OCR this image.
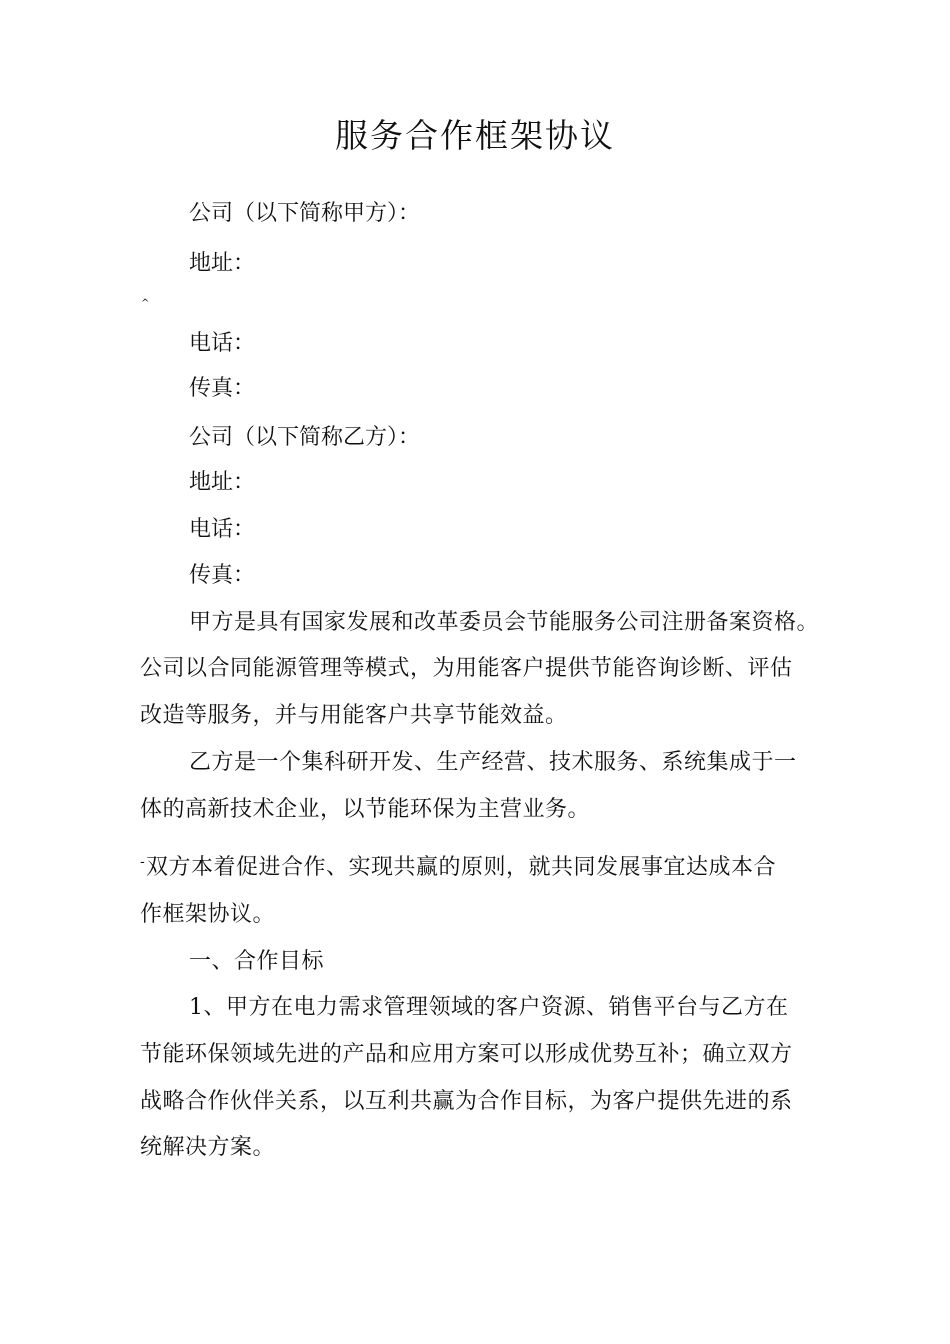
服务合作框架协议
公司（以下简称甲方）：
地址：
^
电话：
传真：
公司（以下简称乙方）：
地址：
电话：
传真：
甲方是具有国家发展和改革委员会节能服务公司注册备案资格。
公司以合同能源管理等模式，为用能客户提供节能咨询诊断、评估
改造等服务，并与用能客户共享节能效益。
乙方是一个集科研开发、生产经营、技术服务、系统集成于一
体的高新技术企业，以节能环保为主营业务。
- 双方本着促进合作、实现共赢的原则，就共同发展事宜达成本合
作框架协议。
一、合作目标
1、甲方在电力需求管理领域的客户资源、销售平台与乙方在
节能环保领域先进的产品和应用方案可以形成优势互补；确立双方
战略合作伙伴关系，以互利共赢为合作目标，为客户提供先进的系
统解决方案。
